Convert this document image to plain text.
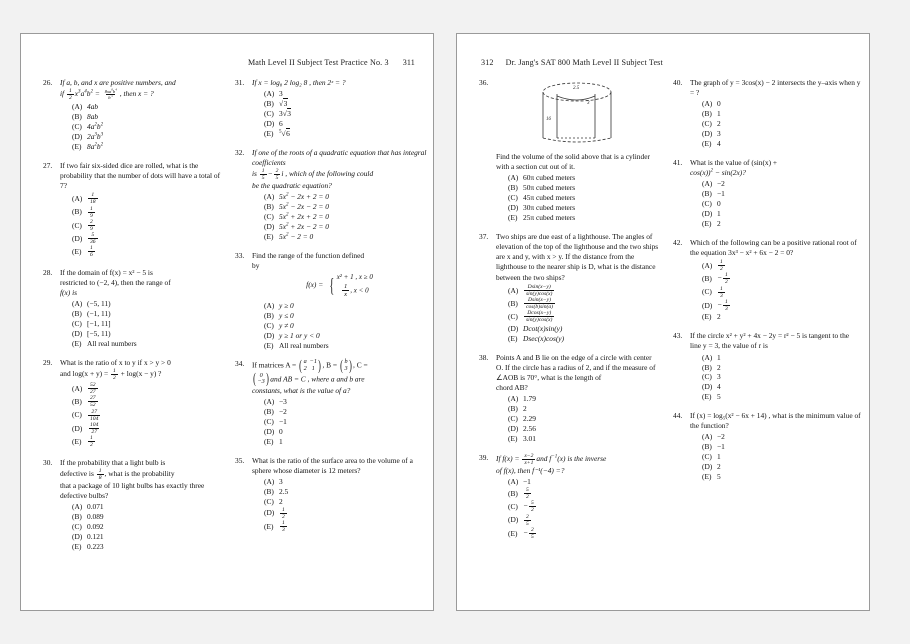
Math Level II Subject Test Practice No. 3 311
26.	If a, b, and x are positive numbers, and
if $\frac{1}{2} x^3a^4b^2 = \frac{8xa^6b^4}{b^{-2}}$ , then x = ?
(A) 4ab
(B) 8ab
(C) $4a^2b^2$
(D) $2a^3b^3$
(E) $8a^2b^2$
27.	If two fair six-sided dice are rolled, what is the probability that the number of dots will have a total of 7?
(A)	$\frac{1}{18}$
(B)	$\frac{1}{9}$
(C)	$\frac{2}{9}$
(D)	$\frac{5}{36}$
(E)	$\frac{1}{6}$
28.	If the domain of f(x) = x² − 5 is
restricted to (−2, 4), then the range of
f(x) is
(A) (−5, 11)
(B) (−1, 11)
(C) [−1, 11]
(D) [−5, 11)
(E) All real numbers
29.	What is the ratio of x to y if x > y > 0
and $\log(x + y) = \frac{1}{2} + \log(x - y)$ ?
(A)	$\frac{52}{27}$
(B)	$\frac{27}{52}$
(C)	$\frac{27}{104}$
(D)	$\frac{104}{27}$
(E)	$\frac{1}{2}$
30.	If the probability that a light bulb is
defective is $\frac{1}{8}$ , what is the probability
that a package of 10 light bulbs has exactly three defective bulbs?
(A) 0.071
(B) 0.089
(C) 0.092
(D) 0.121
(E) 0.223
31.	If x = log₈ 2 log₂ 8 , then 2ˣ = ?
(A) 3
(B) √3
(C) 3√3
(D) 6
(E)	$^5$√6
32.	If one of the roots of a quadratic equation that has integral coefficients
is $\frac{1}{5} - \frac{2}{5}$ i , which of the following could
be the quadratic equation?
(A) $5x^2 - 2x + 2 = 0$
(B) $5x^2 - 2x - 2 = 0$
(C) $5x^2 + 2x + 2 = 0$
(D) $5x^2 + 2x - 2 = 0$
(E) $5x^2 - 2 = 0$
33.	Find the range of the function defined
by
f(x) = { x² + 1 , x ≥ 0
$\frac{1}{x}$ , x < 0
(A) y ≥ 0
(B) y ≤ 0
(C) y ≠ 0
(D) y ≥ 1 or y < 0
(E) All real numbers
34.	If matrices A = ( a −1
2 1 ) , B = ( b
3 ) , C =
( 0
−3 ) and AB = C , where a and b are
constants, what is the value of a?
(A) −3
(B) −2
(C) −1
(D) 0
(E) 1
35.	What is the ratio of the surface area to the volume of a sphere whose diameter is 12 meters?
(A) 3
(B) 2.5
(C) 2
(D)	$\frac{1}{2}$
(E)	$\frac{1}{3}$
312 Dr. Jang's SAT 800 Math Level II Subject Test
36.
2.5
16
3
Find the volume of the solid above that is a cylinder with a section cut out of it.
(A) 60π cubed meters
(B) 50π cubed meters
(C) 45π cubed meters
(D) 30π cubed meters
(E) 25π cubed meters
37.	Two ships are due east of a lighthouse. The angles of elevation of the top of the lighthouse and the two ships are x and y, with x > y. If the distance from the lighthouse to the nearer ship is D, what is the distance between the two ships?
(A)	$\frac{Dsin(x-y)}{\sin(y)\cos(x)}$
(B)	$\frac{Dsin(x-y)}{\cos(b)\sin(a)}$
(C)	$\frac{Dcos(x-y)}{\sin(y)\cos(x)}$
(D) Dcot(x)sin(y)
(E) Dsec(x)cos(y)
38.	Points A and B lie on the edge of a circle with center O. If the circle has a radius of 2, and if the measure of
∠AOB is 70°, what is the length of
chord AB?
(A) 1.79
(B) 2
(C) 2.29
(D) 2.56
(E) 3.01
39.	If $f(x) = \frac{x-2}{x+1}$ and $f^{-1}(x)$ is the inverse
of f(x), then f⁻¹(−4) =?
(A) −1
(B)	$\frac{5}{2}$
$(C) - \frac{5}{2}$
(D)	$\frac{2}{5}$
$(E) - \frac{2}{5}$
40.	The graph of y = 3cos(x) − 2 intersects the y–axis when y = ?
(A) 0
(B) 1
(C) 2
(D) 3
(E) 4
41.	What is the value of (sin(x) +
cos(x))$^2$ − sin(2x)?
(A) −2
(B) −1
(C) 0
(D) 1
(E) 2
42.	Which of the following can be a positive rational root of the equation 3x³ − x² + 6x − 2 = 0?
(A)	$\frac{1}{2}$
$(B) - \frac{1}{2}$
(C)	$\frac{1}{3}$
$(D) - \frac{1}{3}$
(E) 2
43.	If the circle x² + y² + 4x − 2y = r² − 5 is tangent to the line y = 3, the value of r is
(A) 1
(B) 2
(C) 3
(D) 4
(E) 5
44.	If (x) = log₅(x² − 6x + 14) , what is the minimum value of the function?
(A) −2
(B) −1
(C) 1
(D) 2
(E) 5
